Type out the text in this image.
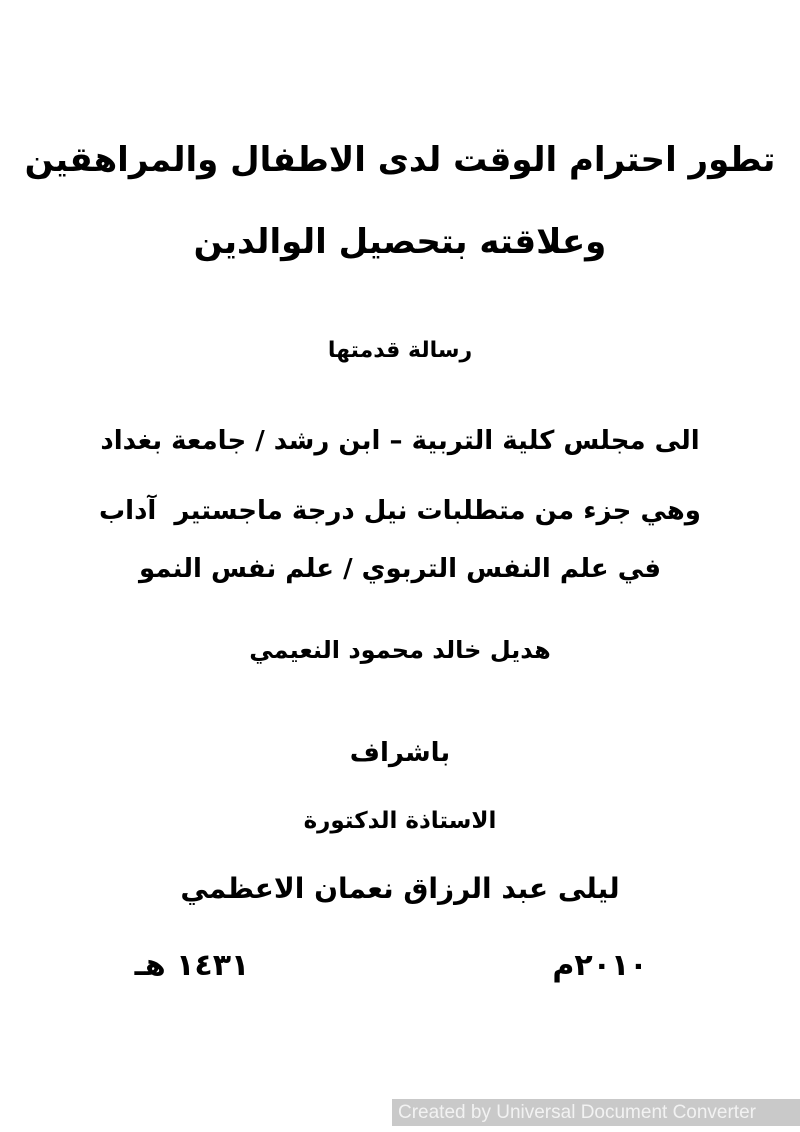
تطور احترام الوقت لدى الاطفال والمراهقين
وعلاقته بتحصيل الوالدين
رسالة قدمتها
الى مجلس كلية التربية – ابن رشد / جامعة بغداد
وهي جزء من متطلبات نيل درجة ماجستير  آداب
في علم النفس التربوي / علم نفس النمو
هديل خالد محمود النعيمي
باشراف
الاستاذة الدكتورة
ليلى عبد الرزاق نعمان الاعظمي
٢٠١٠م
١٤٣١ هـ
Created by Universal Document Converter
